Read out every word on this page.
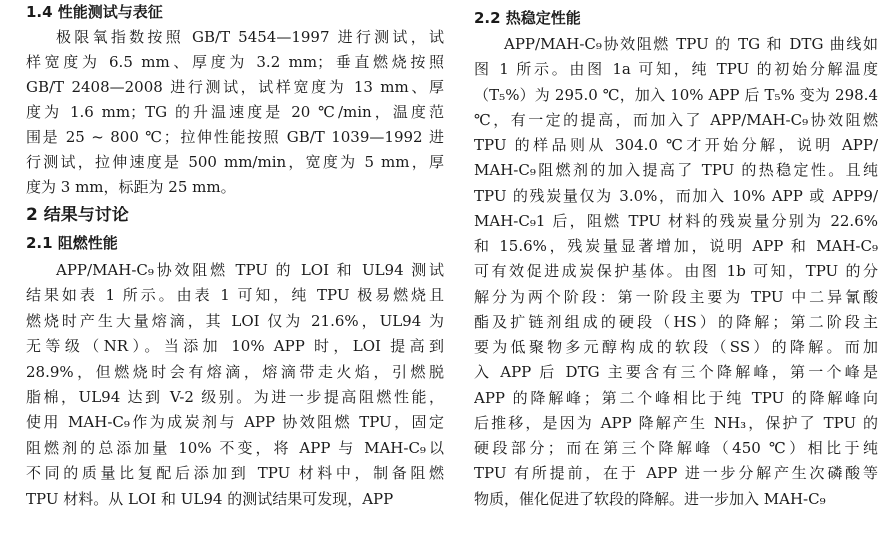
1.4 性能测试与表征
极限氧指数按照 GB/T 5454—1997 进行测试，试
样宽度为 6.5 mm、厚度为 3.2 mm；垂直燃烧按照
GB/T 2408—2008 进行测试，试样宽度为 13 mm、厚
度为 1.6 mm；TG 的升温速度是 20 ℃/min，温度范
围是 25 ~ 800 ℃；拉伸性能按照 GB/T 1039—1992 进
行测试，拉伸速度是 500 mm/min，宽度为 5 mm，厚
度为 3 mm，标距为 25 mm。
2 结果与讨论
2.1 阻燃性能
APP/MAH-C₉协效阻燃 TPU 的 LOI 和 UL94 测试
结果如表 1 所示。由表 1 可知，纯 TPU 极易燃烧且
燃烧时产生大量熔滴，其 LOI 仅为 21.6%，UL94 为
无等级（NR）。当添加 10% APP 时，LOI 提高到
28.9%，但燃烧时会有熔滴，熔滴带走火焰，引燃脱
脂棉，UL94 达到 V-2 级别。为进一步提高阻燃性能，
使用 MAH-C₉作为成炭剂与 APP 协效阻燃 TPU，固定
阻燃剂的总添加量 10% 不变，将 APP 与 MAH-C₉以
不同的质量比复配后添加到 TPU 材料中，制备阻燃
TPU 材料。从 LOI 和 UL94 的测试结果可发现，APP
2.2 热稳定性能
APP/MAH-C₉协效阻燃 TPU 的 TG 和 DTG 曲线如
图 1 所示。由图 1a 可知，纯 TPU 的初始分解温度
（T₅%）为 295.0 ℃，加入 10% APP 后 T₅% 变为 298.4
℃，有一定的提高，而加入了 APP/MAH-C₉协效阻燃
TPU 的样品则从 304.0 ℃才开始分解，说明 APP/
MAH-C₉阻燃剂的加入提高了 TPU 的热稳定性。且纯
TPU 的残炭量仅为 3.0%，而加入 10% APP 或 APP9/
MAH-C₉1 后，阻燃 TPU 材料的残炭量分别为 22.6%
和 15.6%，残炭量显著增加，说明 APP 和 MAH-C₉
可有效促进成炭保护基体。由图 1b 可知，TPU 的分
解分为两个阶段：第一阶段主要为 TPU 中二异氰酸
酯及扩链剂组成的硬段（HS）的降解；第二阶段主
要为低聚物多元醇构成的软段（SS）的降解。而加
入 APP 后 DTG 主要含有三个降解峰，第一个峰是
APP 的降解峰；第二个峰相比于纯 TPU 的降解峰向
后推移，是因为 APP 降解产生 NH₃，保护了 TPU 的
硬段部分；而在第三个降解峰（450 ℃）相比于纯
TPU 有所提前，在于 APP 进一步分解产生次磷酸等
物质，催化促进了软段的降解。进一步加入 MAH-C₉
